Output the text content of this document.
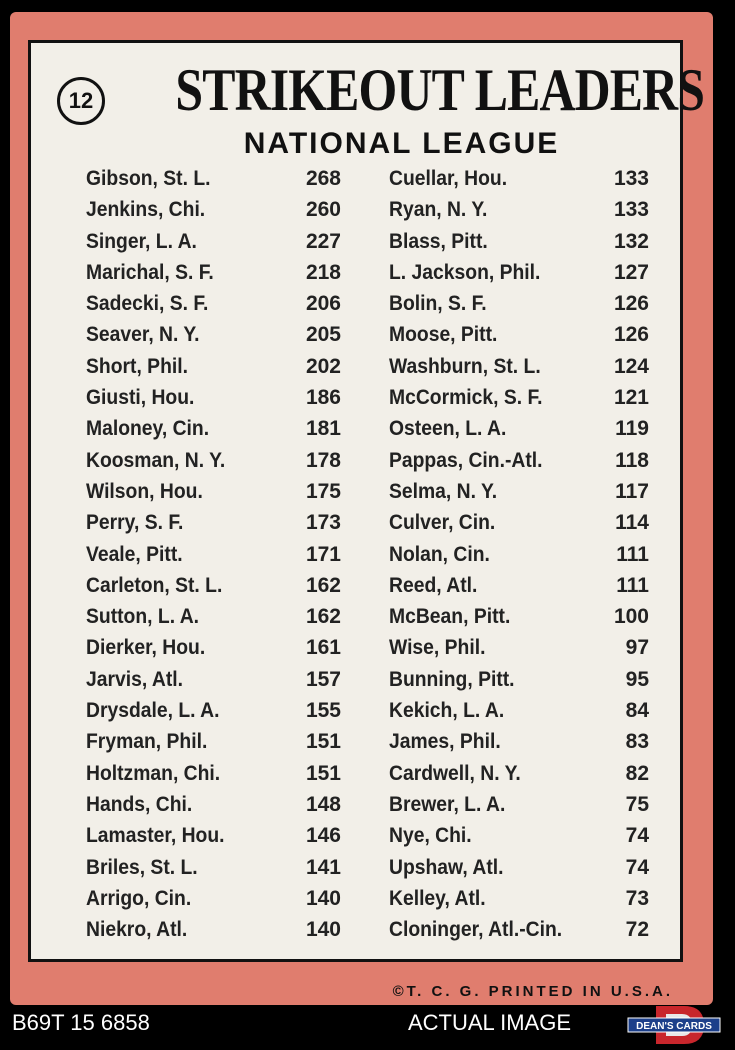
12 STRIKEOUT LEADERS
NATIONAL LEAGUE
Gibson, St. L.	268
Jenkins, Chi.	260
Singer, L. A.	227
Marichal, S. F.	218
Sadecki, S. F.	206
Seaver, N. Y.	205
Short, Phil.	202
Giusti, Hou.	186
Maloney, Cin.	181
Koosman, N. Y.	178
Wilson, Hou.	175
Perry, S. F.	173
Veale, Pitt.	171
Carleton, St. L.	162
Sutton, L. A.	162
Dierker, Hou.	161
Jarvis, Atl.	157
Drysdale, L. A.	155
Fryman, Phil.	151
Holtzman, Chi.	151
Hands, Chi.	148
Lamaster, Hou.	146
Briles, St. L.	141
Arrigo, Cin.	140
Niekro, Atl.	140
Cuellar, Hou.	133
Ryan, N. Y.	133
Blass, Pitt.	132
L. Jackson, Phil.	127
Bolin, S. F.	126
Moose, Pitt.	126
Washburn, St. L.	124
McCormick, S. F.	121
Osteen, L. A.	119
Pappas, Cin.-Atl.	118
Selma, N. Y.	117
Culver, Cin.	114
Nolan, Cin.	111
Reed, Atl.	111
McBean, Pitt.	100
Wise, Phil.	97
Bunning, Pitt.	95
Kekich, L. A.	84
James, Phil.	83
Cardwell, N. Y.	82
Brewer, L. A.	75
Nye, Chi.	74
Upshaw, Atl.	74
Kelley, Atl.	73
Cloninger, Atl.-Cin.	72
©T. C. G. PRINTED IN U.S.A.
B69T 15 6858	ACTUAL IMAGE	DEAN'S CARDS
